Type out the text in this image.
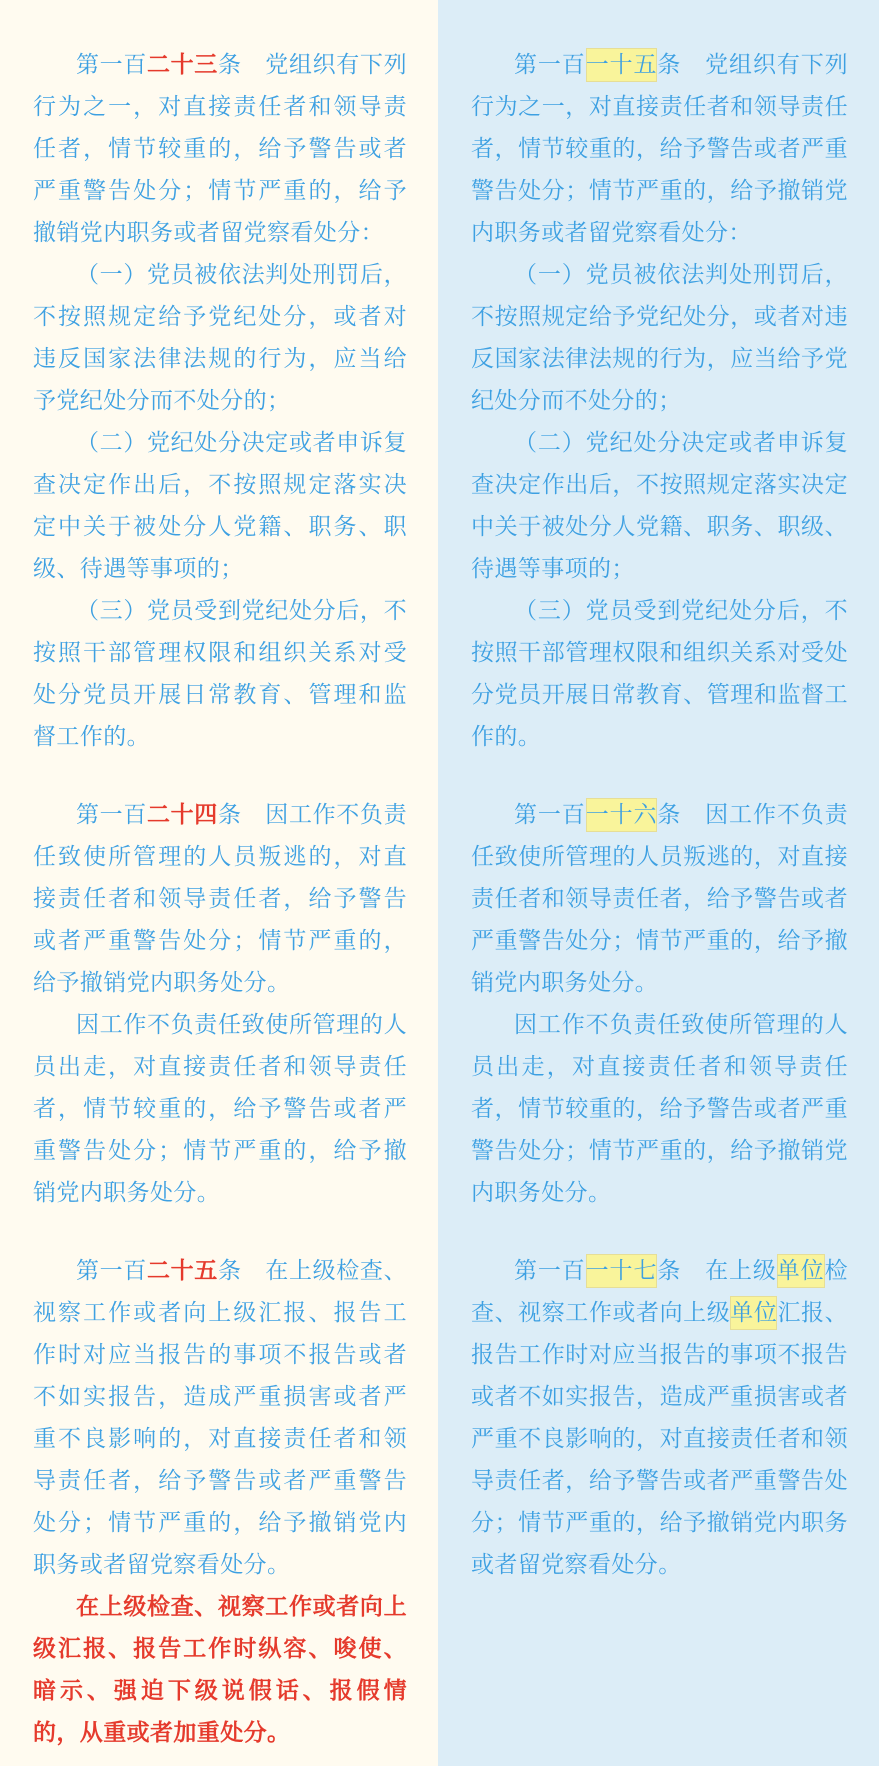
第一百二十三条　党组织有下列行为之一，对直接责任者和领导责任者，情节较重的，给予警告或者严重警告处分；情节严重的，给予撤销党内职务或者留党察看处分：

（一）党员被依法判处刑罚后，不按照规定给予党纪处分，或者对违反国家法律法规的行为，应当给予党纪处分而不处分的；

（二）党纪处分决定或者申诉复查决定作出后，不按照规定落实决定中关于被处分人党籍、职务、职级、待遇等事项的；

（三）党员受到党纪处分后，不按照干部管理权限和组织关系对受处分党员开展日常教育、管理和监督工作的。

第一百二十四条　因工作不负责任致使所管理的人员叛逃的，对直接责任者和领导责任者，给予警告或者严重警告处分；情节严重的，给予撤销党内职务处分。

因工作不负责任致使所管理的人员出走，对直接责任者和领导责任者，情节较重的，给予警告或者严重警告处分；情节严重的，给予撤销党内职务处分。

第一百二十五条　在上级检查、视察工作或者向上级汇报、报告工作时对应当报告的事项不报告或者不如实报告，造成严重损害或者严重不良影响的，对直接责任者和领导责任者，给予警告或者严重警告处分；情节严重的，给予撤销党内职务或者留党察看处分。

在上级检查、视察工作或者向上级汇报、报告工作时纵容、唆使、暗示、强迫下级说假话、报假情的，从重或者加重处分。

第一百一十五条　党组织有下列行为之一，对直接责任者和领导责任者，情节较重的，给予警告或者严重警告处分；情节严重的，给予撤销党内职务或者留党察看处分：

（一）党员被依法判处刑罚后，不按照规定给予党纪处分，或者对违反国家法律法规的行为，应当给予党纪处分而不处分的；

（二）党纪处分决定或者申诉复查决定作出后，不按照规定落实决定中关于被处分人党籍、职务、职级、待遇等事项的；

（三）党员受到党纪处分后，不按照干部管理权限和组织关系对受处分党员开展日常教育、管理和监督工作的。

第一百一十六条　因工作不负责任致使所管理的人员叛逃的，对直接责任者和领导责任者，给予警告或者严重警告处分；情节严重的，给予撤销党内职务处分。

因工作不负责任致使所管理的人员出走，对直接责任者和领导责任者，情节较重的，给予警告或者严重警告处分；情节严重的，给予撤销党内职务处分。

第一百一十七条　在上级单位检查、视察工作或者向上级单位汇报、报告工作时对应当报告的事项不报告或者不如实报告，造成严重损害或者严重不良影响的，对直接责任者和领导责任者，给予警告或者严重警告处分；情节严重的，给予撤销党内职务或者留党察看处分。
